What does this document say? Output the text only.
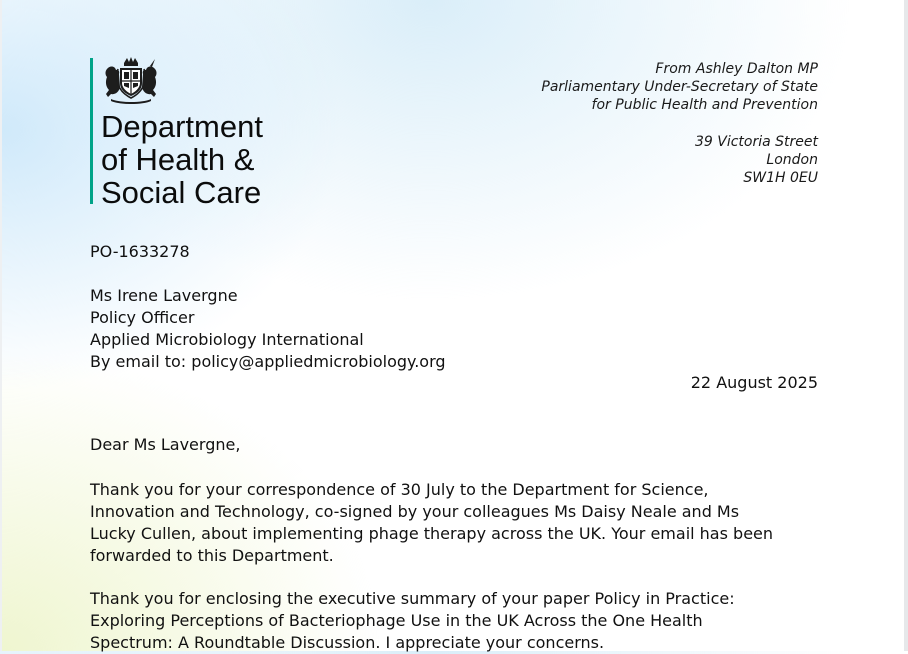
Department
of Health &
Social Care
From Ashley Dalton MP
Parliamentary Under-Secretary of State
for Public Health and Prevention
39 Victoria Street
London
SW1H 0EU
PO-1633278
Ms Irene Lavergne
Policy Officer
Applied Microbiology International
By email to: policy@appliedmicrobiology.org
22 August 2025
Dear Ms Lavergne,
Thank you for your correspondence of 30 July to the Department for Science,
Innovation and Technology, co-signed by your colleagues Ms Daisy Neale and Ms
Lucky Cullen, about implementing phage therapy across the UK. Your email has been
forwarded to this Department.
Thank you for enclosing the executive summary of your paper Policy in Practice:
Exploring Perceptions of Bacteriophage Use in the UK Across the One Health
Spectrum: A Roundtable Discussion. I appreciate your concerns.
